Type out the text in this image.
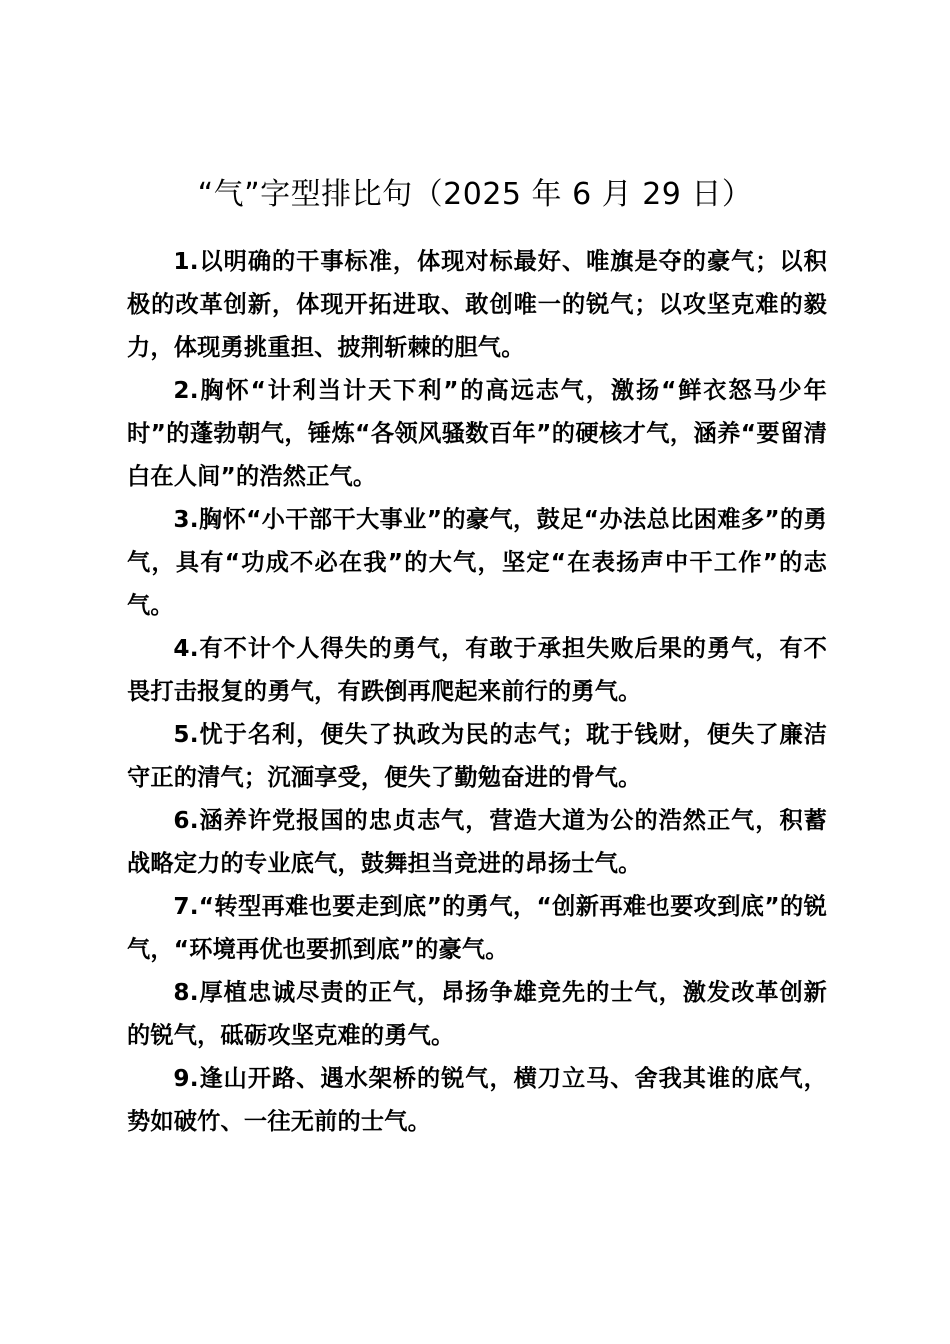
“气”字型排比句（2025 年 6 月 29 日）

1.以明确的干事标准，体现对标最好、唯旗是夺的豪气；以积极的改革创新，体现开拓进取、敢创唯一的锐气；以攻坚克难的毅力，体现勇挑重担、披荆斩棘的胆气。

2.胸怀“计利当计天下利”的高远志气，激扬“鲜衣怒马少年时”的蓬勃朝气，锤炼“各领风骚数百年”的硬核才气，涵养“要留清白在人间”的浩然正气。

3.胸怀“小干部干大事业”的豪气，鼓足“办法总比困难多”的勇气，具有“功成不必在我”的大气，坚定“在表扬声中干工作”的志气。

4.有不计个人得失的勇气，有敢于承担失败后果的勇气，有不畏打击报复的勇气，有跌倒再爬起来前行的勇气。

5.忧于名利，便失了执政为民的志气；耽于钱财，便失了廉洁守正的清气；沉湎享受，便失了勤勉奋进的骨气。

6.涵养许党报国的忠贞志气，营造大道为公的浩然正气，积蓄战略定力的专业底气，鼓舞担当竞进的昂扬士气。

7.“转型再难也要走到底”的勇气，“创新再难也要攻到底”的锐气，“环境再优也要抓到底”的豪气。

8.厚植忠诚尽责的正气，昂扬争雄竞先的士气，激发改革创新的锐气，砥砺攻坚克难的勇气。

9.逢山开路、遇水架桥的锐气，横刀立马、舍我其谁的底气，势如破竹、一往无前的士气。
